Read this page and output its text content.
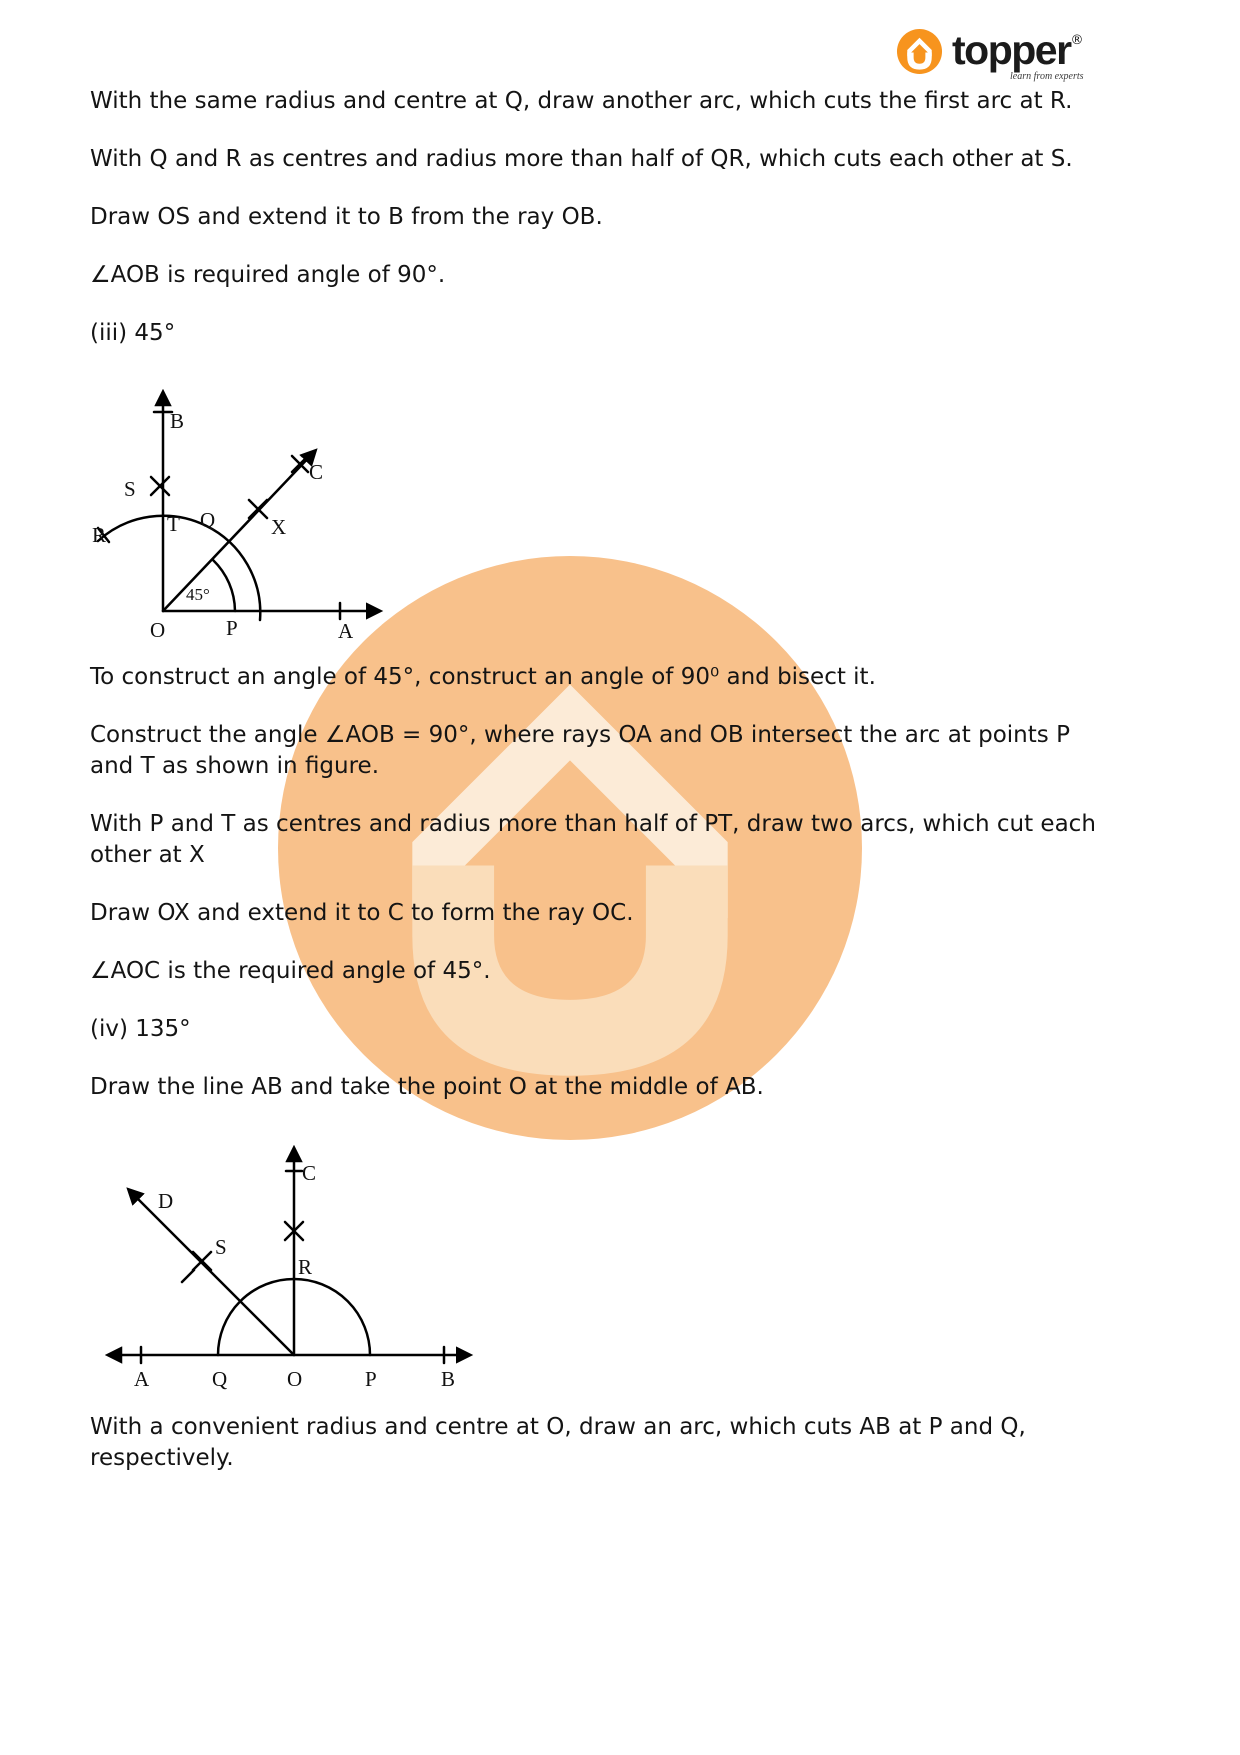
topper®
learn from experts

With the same radius and centre at Q, draw another arc, which cuts the first arc at R.

With Q and R as centres and radius more than half of QR, which cuts each other at S.

Draw OS and extend it to B from the ray OB.

∠AOB is required angle of 90°.

(iii) 45°

B
S
R	T Q	X
C
O	P	A
45°

To construct an angle of 45°, construct an angle of 90⁰ and bisect it.

Construct the angle ∠AOB = 90°, where rays OA and OB intersect the arc at points P and T as shown in figure.

With P and T as centres and radius more than half of PT, draw two arcs, which cut each other at X

Draw OX and extend it to C to form the ray OC.

∠AOC is the required angle of 45°.

(iv) 135°

Draw the line AB and take the point O at the middle of AB.

C
D
S
R
A	Q	O	P	B

With a convenient radius and centre at O, draw an arc, which cuts AB at P and Q, respectively.
